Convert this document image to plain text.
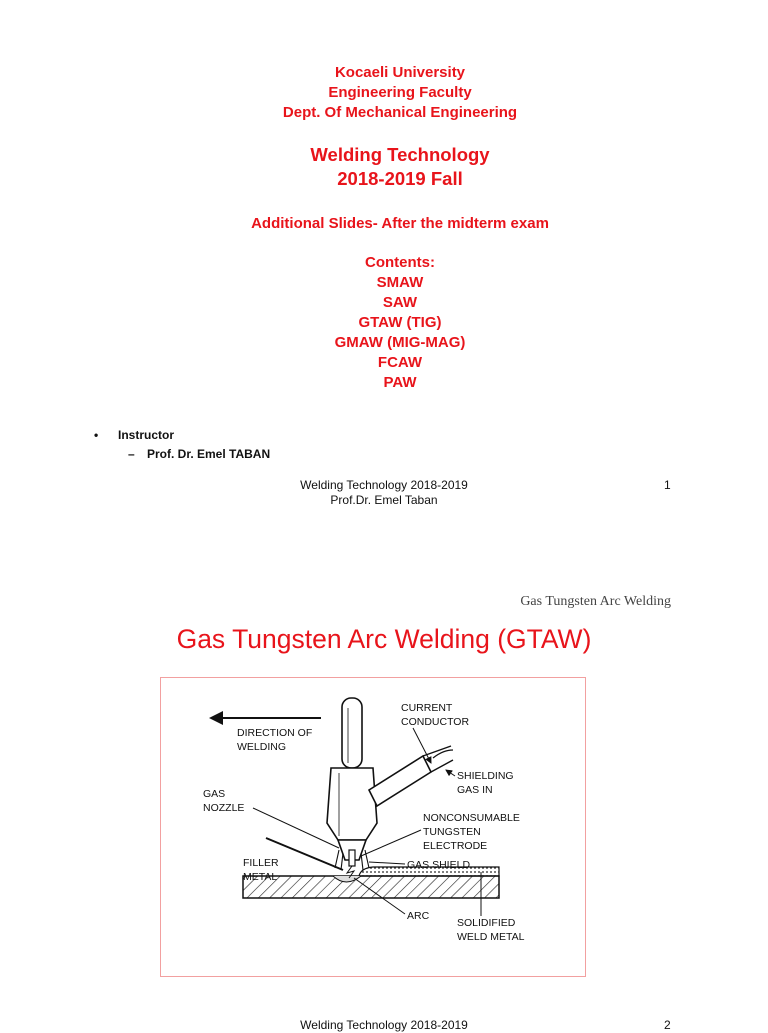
Kocaeli University
Engineering Faculty
Dept. Of Mechanical Engineering
Welding Technology
2018-2019 Fall
Additional Slides- After the midterm exam
Contents:
SMAW
SAW
GTAW (TIG)
GMAW (MIG-MAG)
FCAW
PAW
• Instructor
– Prof. Dr. Emel TABAN
Welding Technology 2018-2019
Prof.Dr. Emel Taban
1
Gas Tungsten Arc Welding
Gas Tungsten Arc Welding (GTAW)
DIRECTION OF
WELDING
CURRENT
CONDUCTOR
SHIELDING
GAS IN
GAS
NOZZLE
NONCONSUMABLE
TUNGSTEN
ELECTRODE
FILLER
METAL
GAS SHIELD
ARC
SOLIDIFIED
WELD METAL
Welding Technology 2018-2019	2
